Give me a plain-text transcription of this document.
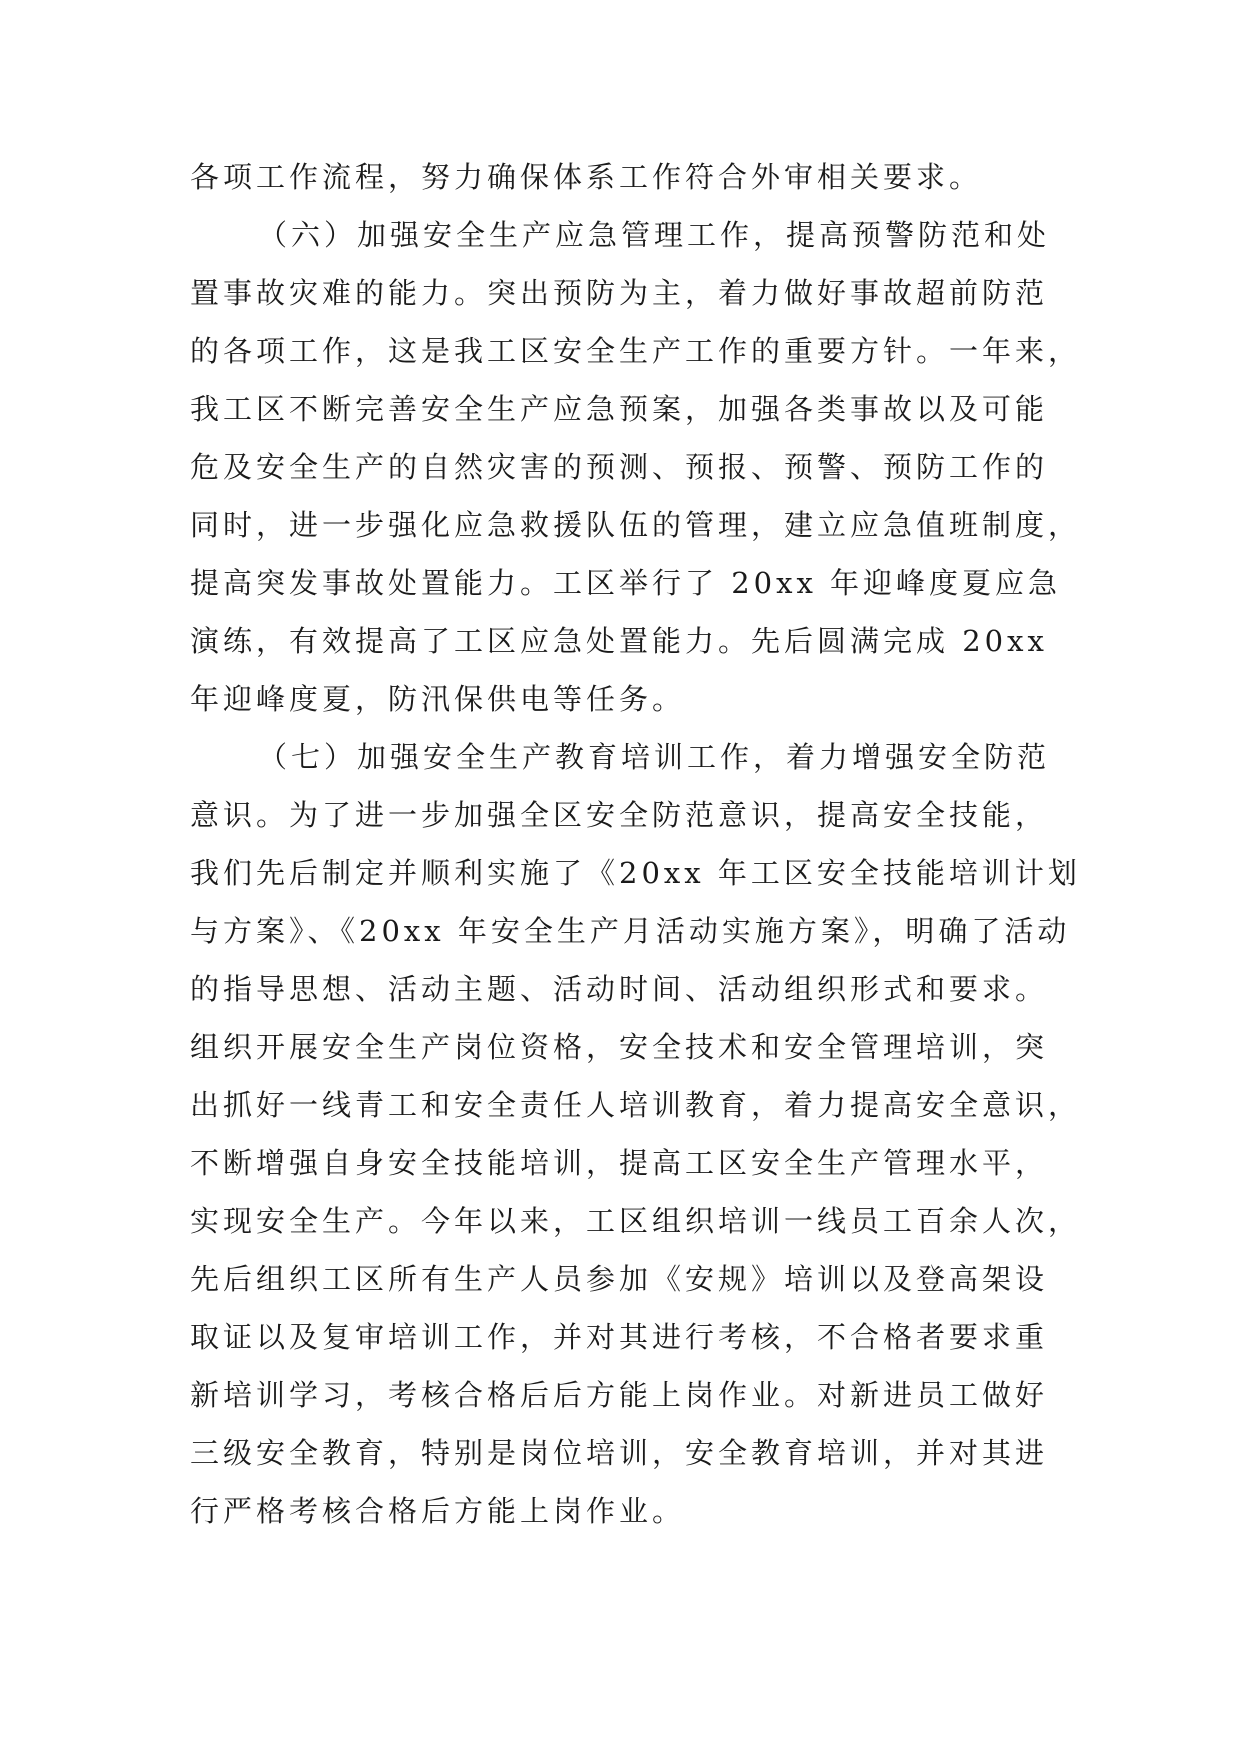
各项工作流程，努力确保体系工作符合外审相关要求。
（六）加强安全生产应急管理工作，提高预警防范和处
置事故灾难的能力。突出预防为主，着力做好事故超前防范
的各项工作，这是我工区安全生产工作的重要方针。一年来，
我工区不断完善安全生产应急预案，加强各类事故以及可能
危及安全生产的自然灾害的预测、预报、预警、预防工作的
同时，进一步强化应急救援队伍的管理，建立应急值班制度，
提高突发事故处置能力。工区举行了 20xx 年迎峰度夏应急
演练，有效提高了工区应急处置能力。先后圆满完成 20xx
年迎峰度夏，防汛保供电等任务。
（七）加强安全生产教育培训工作，着力增强安全防范
意识。为了进一步加强全区安全防范意识，提高安全技能，
我们先后制定并顺利实施了《20xx 年工区安全技能培训计划
与方案》、《20xx 年安全生产月活动实施方案》，明确了活动
的指导思想、活动主题、活动时间、活动组织形式和要求。
组织开展安全生产岗位资格，安全技术和安全管理培训，突
出抓好一线青工和安全责任人培训教育，着力提高安全意识，
不断增强自身安全技能培训，提高工区安全生产管理水平，
实现安全生产。今年以来，工区组织培训一线员工百余人次，
先后组织工区所有生产人员参加《安规》培训以及登高架设
取证以及复审培训工作，并对其进行考核，不合格者要求重
新培训学习，考核合格后后方能上岗作业。对新进员工做好
三级安全教育，特别是岗位培训，安全教育培训，并对其进
行严格考核合格后方能上岗作业。
